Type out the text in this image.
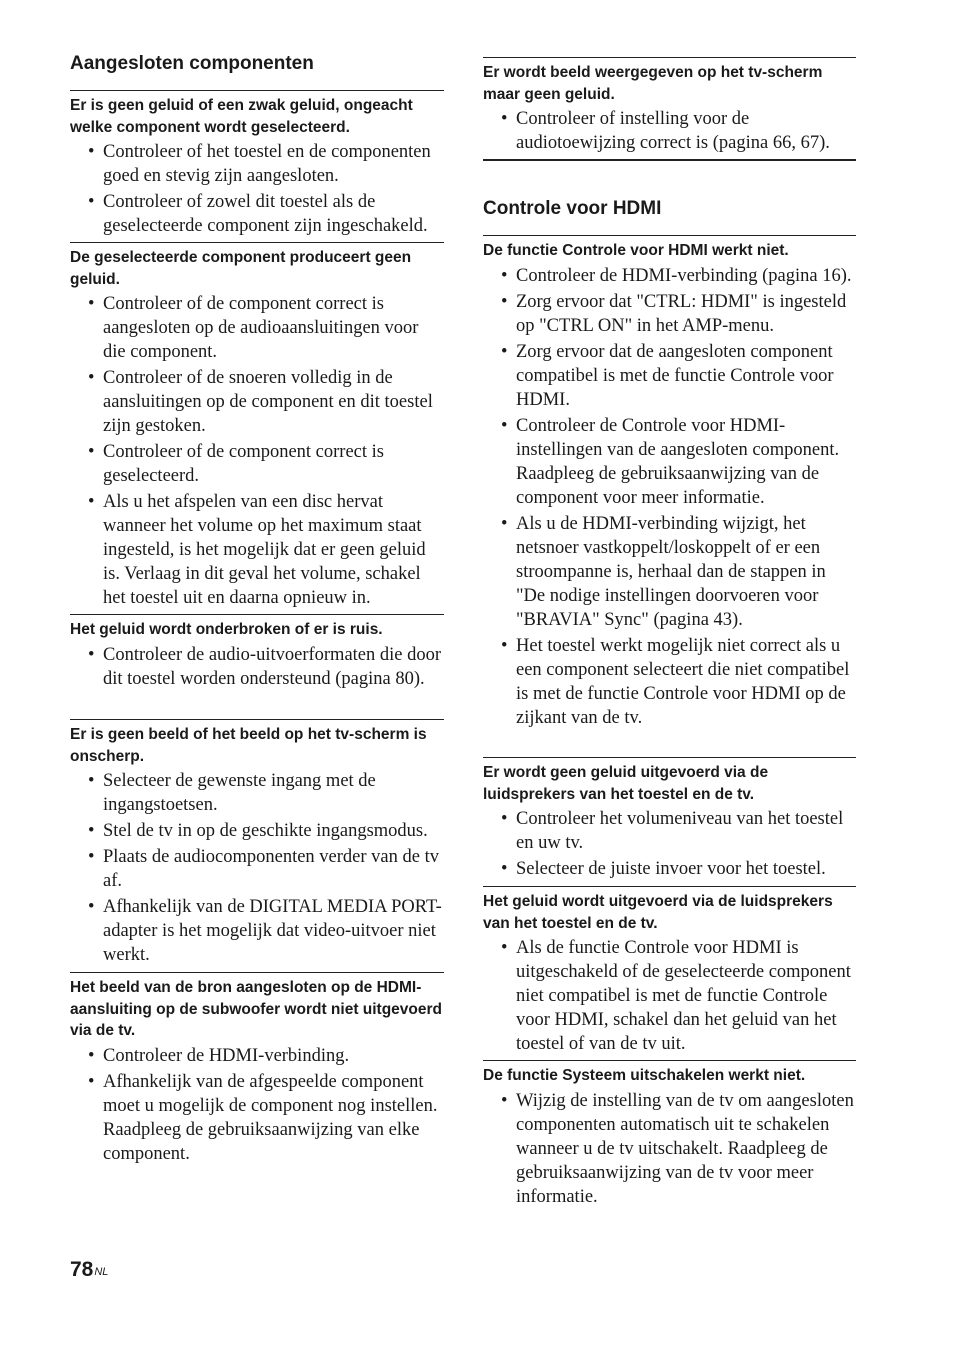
Aangesloten componenten
Er is geen geluid of een zwak geluid, ongeacht welke component wordt geselecteerd.
• Controleer of het toestel en de componenten goed en stevig zijn aangesloten.
• Controleer of zowel dit toestel als de geselecteerde component zijn ingeschakeld.
De geselecteerde component produceert geen geluid.
• Controleer of de component correct is aangesloten op de audioaansluitingen voor die component.
• Controleer of de snoeren volledig in de aansluitingen op de component en dit toestel zijn gestoken.
• Controleer of de component correct is geselecteerd.
• Als u het afspelen van een disc hervat wanneer het volume op het maximum staat ingesteld, is het mogelijk dat er geen geluid is. Verlaag in dit geval het volume, schakel het toestel uit en daarna opnieuw in.
Het geluid wordt onderbroken of er is ruis.
• Controleer de audio-uitvoerformaten die door dit toestel worden ondersteund (pagina 80).
Er is geen beeld of het beeld op het tv-scherm is onscherp.
• Selecteer de gewenste ingang met de ingangstoetsen.
• Stel de tv in op de geschikte ingangsmodus.
• Plaats de audiocomponenten verder van de tv af.
• Afhankelijk van de DIGITAL MEDIA PORT-adapter is het mogelijk dat video-uitvoer niet werkt.
Het beeld van de bron aangesloten op de HDMI-aansluiting op de subwoofer wordt niet uitgevoerd via de tv.
• Controleer de HDMI-verbinding.
• Afhankelijk van de afgespeelde component moet u mogelijk de component nog instellen. Raadpleeg de gebruiksaanwijzing van elke component.
Er wordt beeld weergegeven op het tv-scherm maar geen geluid.
• Controleer of instelling voor de audiotoewijzing correct is (pagina 66, 67).
Controle voor HDMI
De functie Controle voor HDMI werkt niet.
• Controleer de HDMI-verbinding (pagina 16).
• Zorg ervoor dat "CTRL: HDMI" is ingesteld op "CTRL ON" in het AMP-menu.
• Zorg ervoor dat de aangesloten component compatibel is met de functie Controle voor HDMI.
• Controleer de Controle voor HDMI-instellingen van de aangesloten component. Raadpleeg de gebruiksaanwijzing van de component voor meer informatie.
• Als u de HDMI-verbinding wijzigt, het netsnoer vastkoppelt/loskoppelt of er een stroompanne is, herhaal dan de stappen in "De nodige instellingen doorvoeren voor "BRAVIA" Sync" (pagina 43).
• Het toestel werkt mogelijk niet correct als u een component selecteert die niet compatibel is met de functie Controle voor HDMI op de zijkant van de tv.
Er wordt geen geluid uitgevoerd via de luidsprekers van het toestel en de tv.
• Controleer het volumeniveau van het toestel en uw tv.
• Selecteer de juiste invoer voor het toestel.
Het geluid wordt uitgevoerd via de luidsprekers van het toestel en de tv.
• Als de functie Controle voor HDMI is uitgeschakeld of de geselecteerde component niet compatibel is met de functie Controle voor HDMI, schakel dan het geluid van het toestel of van de tv uit.
De functie Systeem uitschakelen werkt niet.
• Wijzig de instelling van de tv om aangesloten componenten automatisch uit te schakelen wanneer u de tv uitschakelt. Raadpleeg de gebruiksaanwijzing van de tv voor meer informatie.
$78^{NL}$
